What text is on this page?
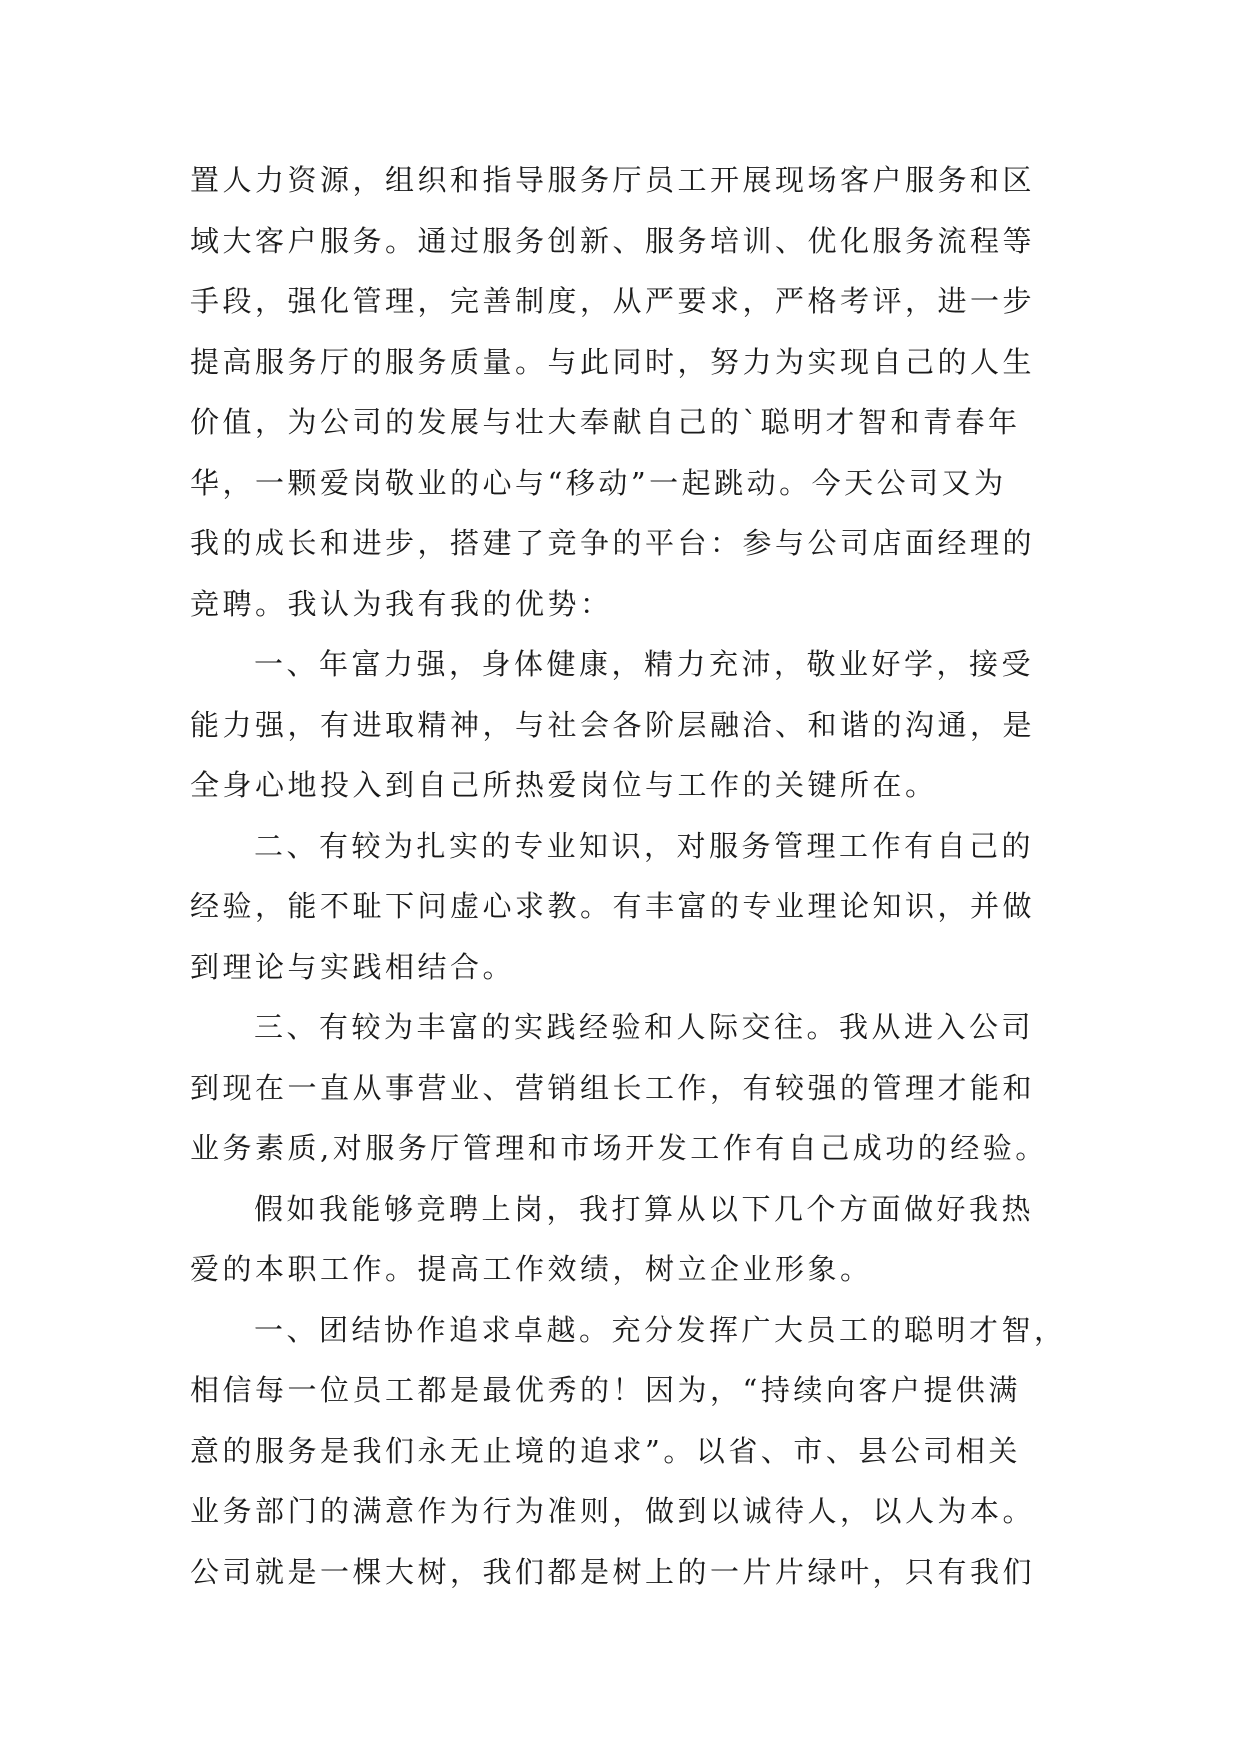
置人力资源，组织和指导服务厅员工开展现场客户服务和区
域大客户服务。通过服务创新、服务培训、优化服务流程等
手段，强化管理，完善制度，从严要求，严格考评，进一步
提高服务厅的服务质量。与此同时，努力为实现自己的人生
价值，为公司的发展与壮大奉献自己的`聪明才智和青春年
华，一颗爱岗敬业的心与“移动”一起跳动。今天公司又为
我的成长和进步，搭建了竞争的平台：参与公司店面经理的
竞聘。我认为我有我的优势：
一、年富力强，身体健康，精力充沛，敬业好学，接受
能力强，有进取精神，与社会各阶层融洽、和谐的沟通，是
全身心地投入到自己所热爱岗位与工作的关键所在。
二、有较为扎实的专业知识，对服务管理工作有自己的
经验，能不耻下问虚心求教。有丰富的专业理论知识，并做
到理论与实践相结合。
三、有较为丰富的实践经验和人际交往。我从进入公司
到现在一直从事营业、营销组长工作，有较强的管理才能和
业务素质,对服务厅管理和市场开发工作有自己成功的经验。
假如我能够竞聘上岗，我打算从以下几个方面做好我热
爱的本职工作。提高工作效绩，树立企业形象。
一、团结协作追求卓越。充分发挥广大员工的聪明才智，
相信每一位员工都是最优秀的！因为，“持续向客户提供满
意的服务是我们永无止境的追求”。以省、市、县公司相关
业务部门的满意作为行为准则，做到以诚待人，以人为本。
公司就是一棵大树，我们都是树上的一片片绿叶，只有我们
